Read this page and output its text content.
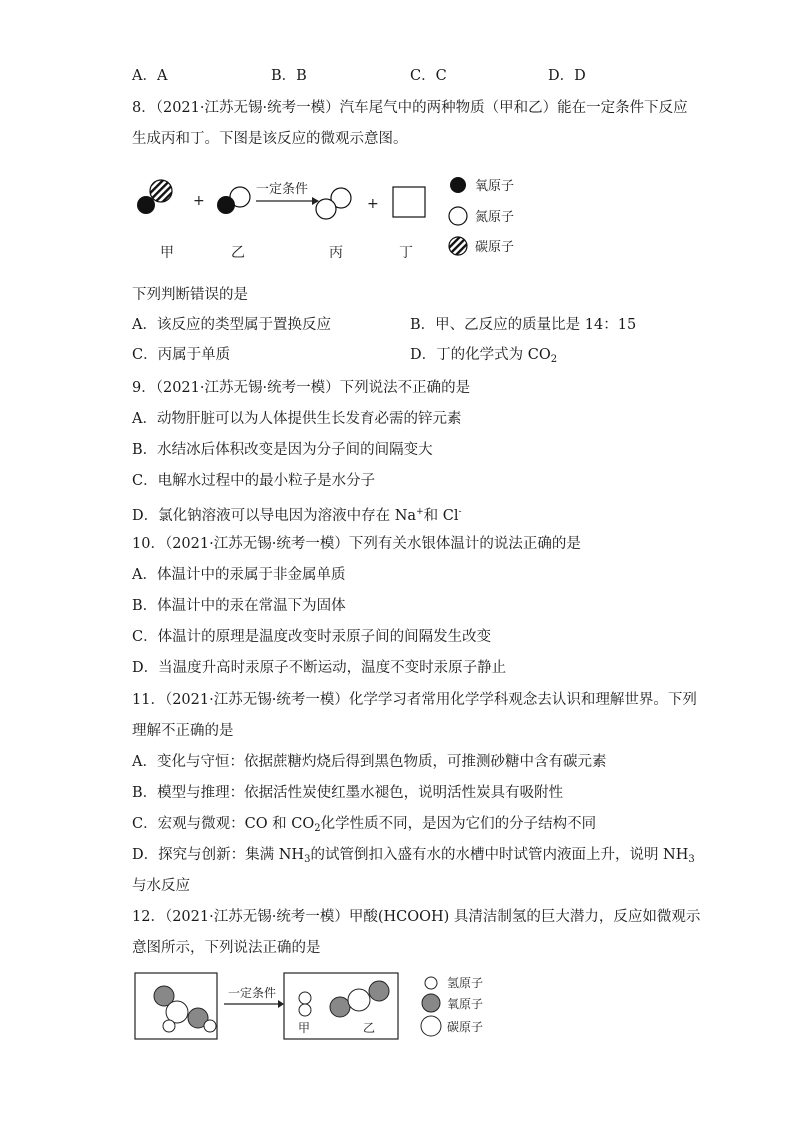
A．A	B．B	C．C	D．D
8．（2021·江苏无锡·统考一模）汽车尾气中的两种物质（甲和乙）能在一定条件下反应
生成丙和丁。下图是该反应的微观示意图。
+
一定条件
+
甲	乙	丙	丁
氧原子
氮原子
碳原子
下列判断错误的是
A．该反应的类型属于置换反应	B．甲、乙反应的质量比是 14：15
C．丙属于单质	D．丁的化学式为 $CO_2$
9．（2021·江苏无锡·统考一模）下列说法不正确的是
A．动物肝脏可以为人体提供生长发育必需的锌元素
B．水结冰后体积改变是因为分子间的间隔变大
C．电解水过程中的最小粒子是水分子
D．氯化钠溶液可以导电因为溶液中存在 Na+和 Cl-
10．（2021·江苏无锡·统考一模）下列有关水银体温计的说法正确的是
A．体温计中的汞属于非金属单质
B．体温计中的汞在常温下为固体
C．体温计的原理是温度改变时汞原子间的间隔发生改变
D．当温度升高时汞原子不断运动，温度不变时汞原子静止
11．（2021·江苏无锡·统考一模）化学学习者常用化学学科观念去认识和理解世界。下列
理解不正确的是
A．变化与守恒：依据蔗糖灼烧后得到黑色物质，可推测砂糖中含有碳元素
B．模型与推理：依据活性炭使红墨水褪色，说明活性炭具有吸附性
C．宏观与微观：CO 和 $CO_2$化学性质不同，是因为它们的分子结构不同
D．探究与创新：集满 $NH_3$的试管倒扣入盛有水的水槽中时试管内液面上升，说明 $NH_3$
与水反应
12．（2021·江苏无锡·统考一模）甲酸(HCOOH) 具清洁制氢的巨大潜力，反应如微观示
意图所示，下列说法正确的是
一定条件
甲	乙
氢原子
氧原子
碳原子
